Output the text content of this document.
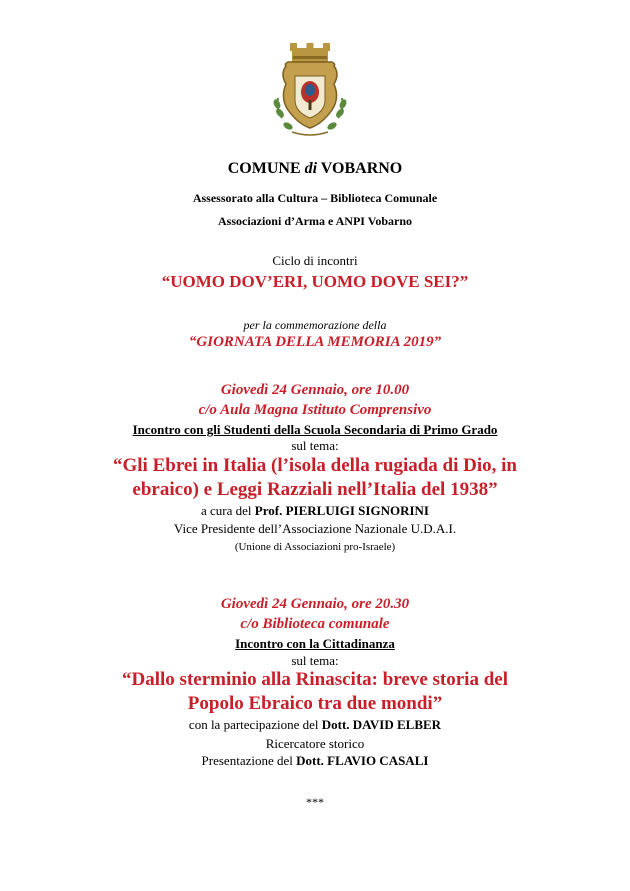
COMUNE di VOBARNO
Assessorato alla Cultura – Biblioteca Comunale
Associazioni d’Arma e ANPI Vobarno
Ciclo di incontri
“UOMO DOV’ERI, UOMO DOVE SEI?”
per la commemorazione della
“GIORNATA DELLA MEMORIA 2019”
Giovedì 24 Gennaio, ore 10.00
c/o Aula Magna Istituto Comprensivo
Incontro con gli Studenti della Scuola Secondaria di Primo Grado
sul tema:
“Gli Ebrei in Italia (l’isola della rugiada di Dio, in
ebraico) e Leggi Razziali nell’Italia del 1938”
a cura del Prof. PIERLUIGI SIGNORINI
Vice Presidente dell’Associazione Nazionale U.D.A.I.
(Unione di Associazioni pro-Israele)
Giovedì 24 Gennaio, ore 20.30
c/o Biblioteca comunale
Incontro con la Cittadinanza
sul tema:
“Dallo sterminio alla Rinascita: breve storia del
Popolo Ebraico tra due mondi”
con la partecipazione del Dott. DAVID ELBER
Ricercatore storico
Presentazione del Dott. FLAVIO CASALI
***
